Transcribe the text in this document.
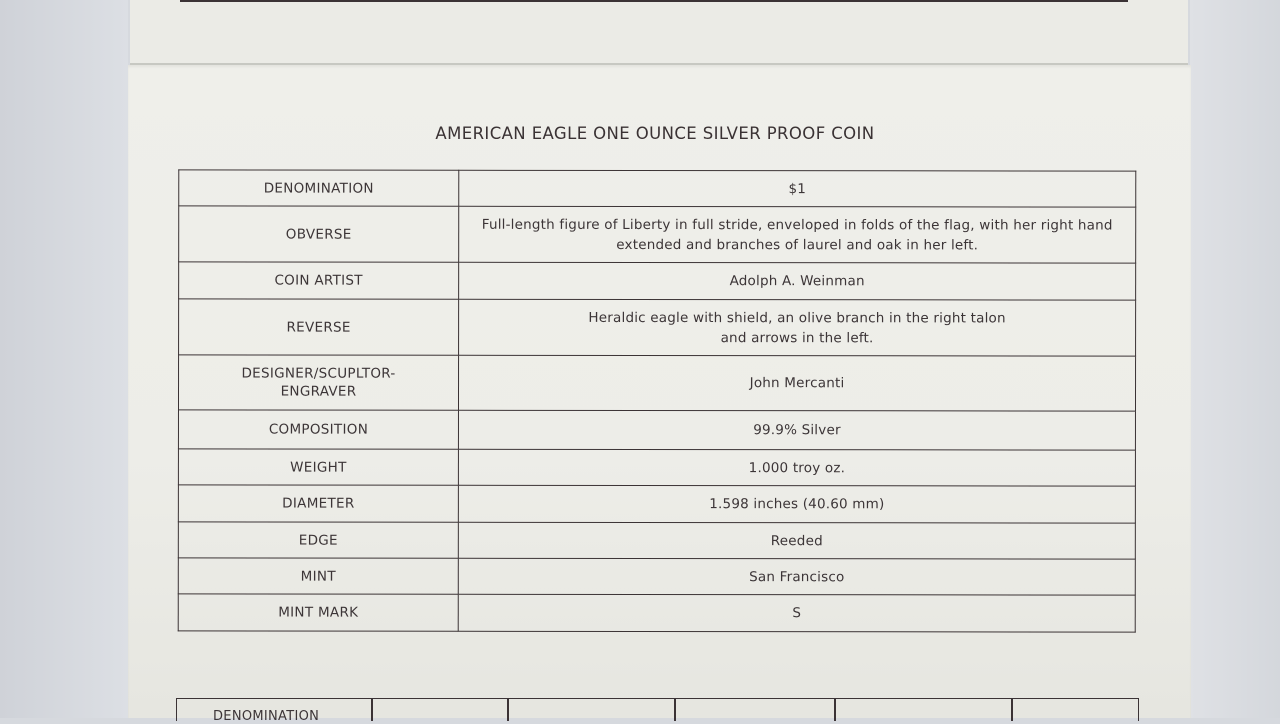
AMERICAN EAGLE ONE OUNCE SILVER PROOF COIN
DENOMINATION	$1
OBVERSE	Full-length figure of Liberty in full stride, enveloped in folds of the flag, with her right hand extended and branches of laurel and oak in her left.
COIN ARTIST	Adolph A. Weinman
REVERSE	Heraldic eagle with shield, an olive branch in the right talon and arrows in the left.
DESIGNER/SCUPLTOR-ENGRAVER	John Mercanti
COMPOSITION	99.9% Silver
WEIGHT	1.000 troy oz.
DIAMETER	1.598 inches (40.60 mm)
EDGE	Reeded
MINT	San Francisco
MINT MARK	S
DENOMINATION
